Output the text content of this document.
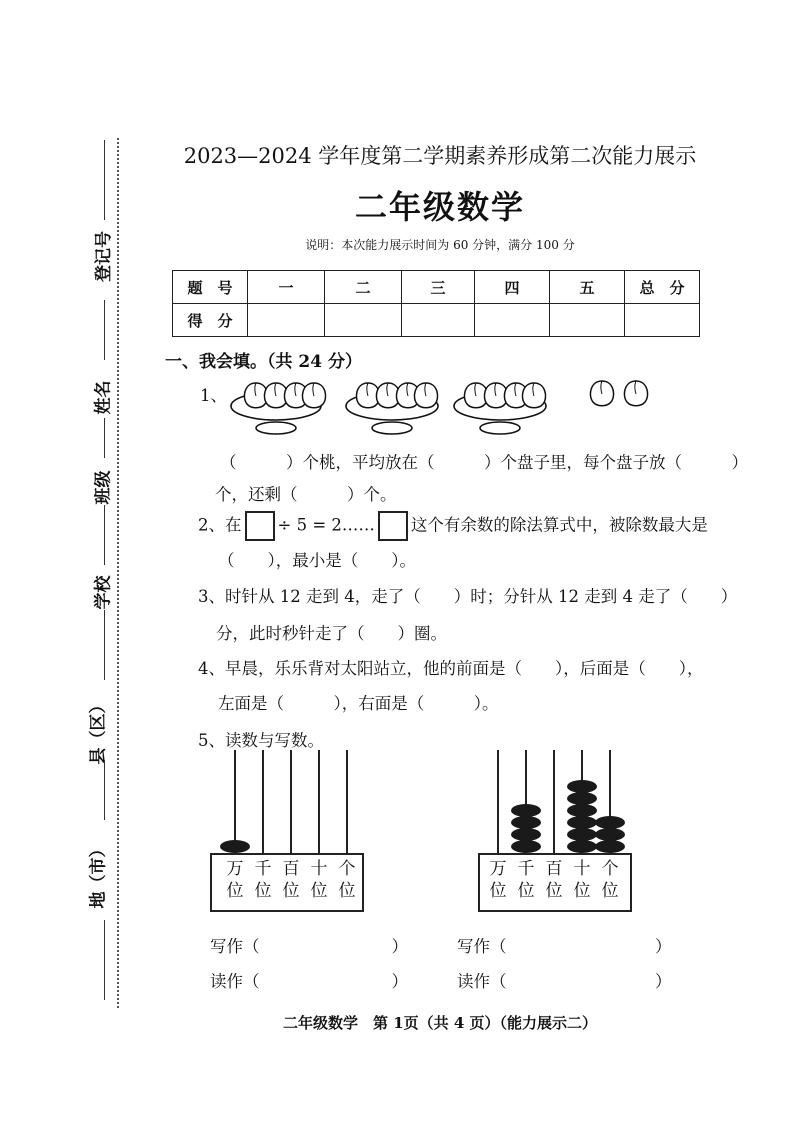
登记号
姓名
班级
学校
县（区）
地（市）
2023—2024 学年度第二学期素养形成第二次能力展示
二年级数学
说明：本次能力展示时间为 60 分钟，满分 100 分
题　号	一	二	三	四	五	总　分
得　分						
一、我会填。（共 24 分）
1、
（　　　）个桃，平均放在（　　　）个盘子里，每个盘子放（　　　）
个，还剩（　　　）个。
2、在 ÷ 5 = 2…… 这个有余数的除法算式中，被除数最大是
（　　），最小是（　　）。
3、时针从 12 走到 4，走了（　　）时；分针从 12 走到 4 走了（　　）
分，此时秒针走了（　　）圈。
4、早晨，乐乐背对太阳站立，他的前面是（　　），后面是（　　），
左面是（　　　），右面是（　　　）。
5、读数与写数。
万
位
千
位
百
位
十
位
个
位
万
位
千
位
百
位
十
位
个
位
写作（　　　　　　　　）
读作（　　　　　　　　）
写作（　　　　　　　　　）
读作（　　　　　　　　　）
二年级数学　第 1页（共 4 页）（能力展示二）
